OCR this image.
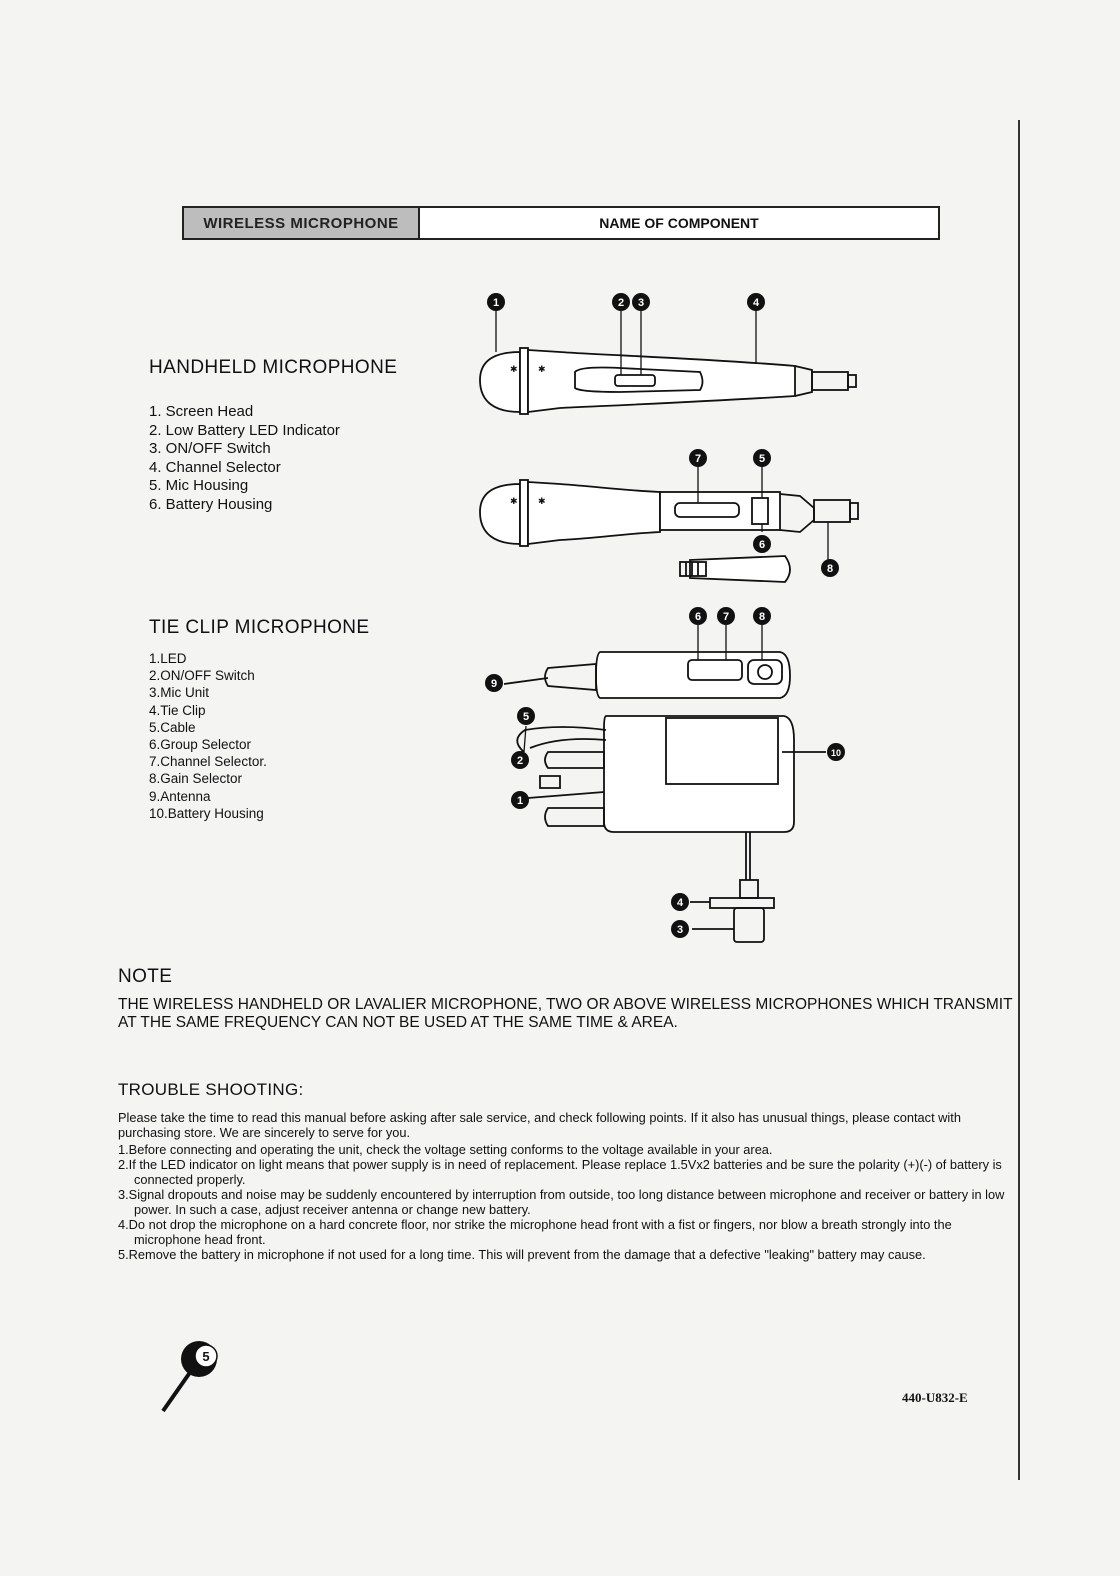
WIRELESS MICROPHONE	NAME OF COMPONENT
HANDHELD MICROPHONE
1. Screen Head
2. Low Battery LED Indicator
3. ON/OFF Switch
4. Channel Selector
5. Mic Housing
6. Battery Housing
TIE CLIP MICROPHONE
1.LED
2.ON/OFF Switch
3.Mic Unit
4.Tie Clip
5.Cable
6.Group Selector
7.Channel Selector.
8.Gain Selector
9.Antenna
10.Battery Housing
✱ ✱
✱ ✱
1	2 3	4
7	5
6
8
6 7	8
9
5
2
10
1
4
3
NOTE
THE WIRELESS HANDHELD OR LAVALIER MICROPHONE, TWO OR ABOVE WIRELESS MICROPHONES WHICH TRANSMIT AT THE SAME FREQUENCY CAN NOT BE USED AT THE SAME TIME & AREA.
TROUBLE SHOOTING:
Please take the time to read this manual before asking after sale service, and check following points. If it also has unusual things, please contact with purchasing store. We are sincerely to serve for you.
1.Before connecting and operating the unit, check the voltage setting conforms to the voltage available in your area.
2.If the LED indicator on light means that power supply is in need of replacement. Please replace 1.5Vx2 batteries and be sure the polarity (+)(-) of battery is connected properly.
3.Signal dropouts and noise may be suddenly encountered by interruption from outside, too long distance between microphone and receiver or battery in low power. In such a case, adjust receiver antenna or change new battery.
4.Do not drop the microphone on a hard concrete floor, nor strike the microphone head front with a fist or fingers, nor blow a breath strongly into the microphone head front.
5.Remove the battery in microphone if not used for a long time. This will prevent from the damage that a defective "leaking" battery may cause.
5
440-U832-E
